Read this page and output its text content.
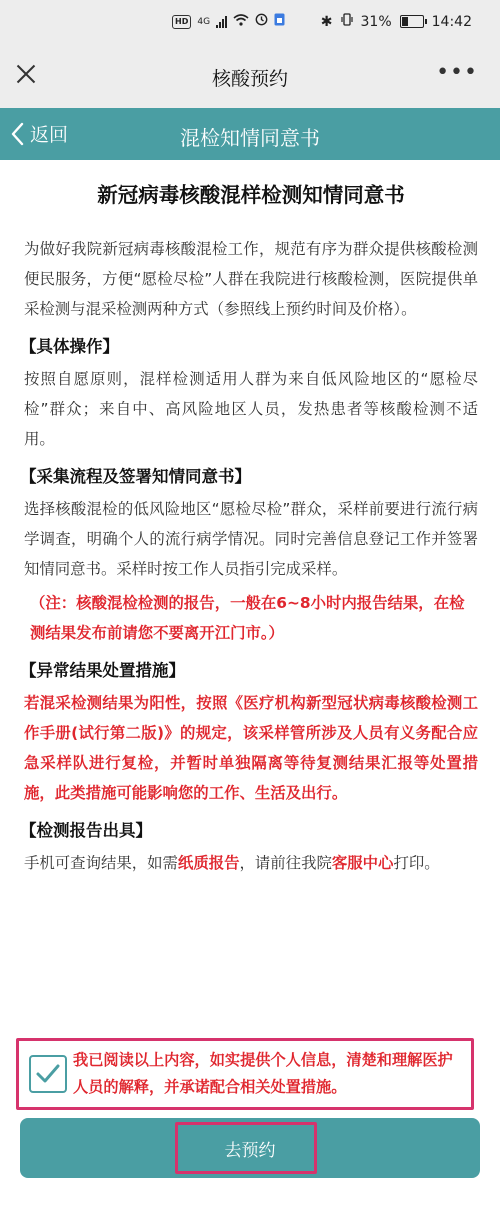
HD	4G	✱ 31%	14:42
核酸预约	•••
返回	混检知情同意书
新冠病毒核酸混样检测知情同意书

为做好我院新冠病毒核酸混检工作，规范有序为群众提供核酸检测便民服务，方便“愿检尽检”人群在我院进行核酸检测，医院提供单采检测与混采检测两种方式（参照线上预约时间及价格）。

【具体操作】

按照自愿原则，混样检测适用人群为来自低风险地区的“愿检尽检”群众；来自中、高风险地区人员，发热患者等核酸检测不适用。

【采集流程及签署知情同意书】

选择核酸混检的低风险地区“愿检尽检”群众，采样前要进行流行病学调查，明确个人的流行病学情况。同时完善信息登记工作并签署知情同意书。采样时按工作人员指引完成采样。

（注：核酸混检检测的报告，一般在6~8小时内报告结果，在检测结果发布前请您不要离开江门市。）

【异常结果处置措施】

若混采检测结果为阳性，按照《医疗机构新型冠状病毒核酸检测工作手册(试行第二版)》的规定，该采样管所涉及人员有义务配合应急采样队进行复检，并暂时单独隔离等待复测结果汇报等处置措施，此类措施可能影响您的工作、生活及出行。

【检测报告出具】

手机可查询结果，如需纸质报告，请前往我院客服中心打印。

我已阅读以上内容，如实提供个人信息，清楚和理解医护人员的解释，并承诺配合相关处置措施。
去预约
